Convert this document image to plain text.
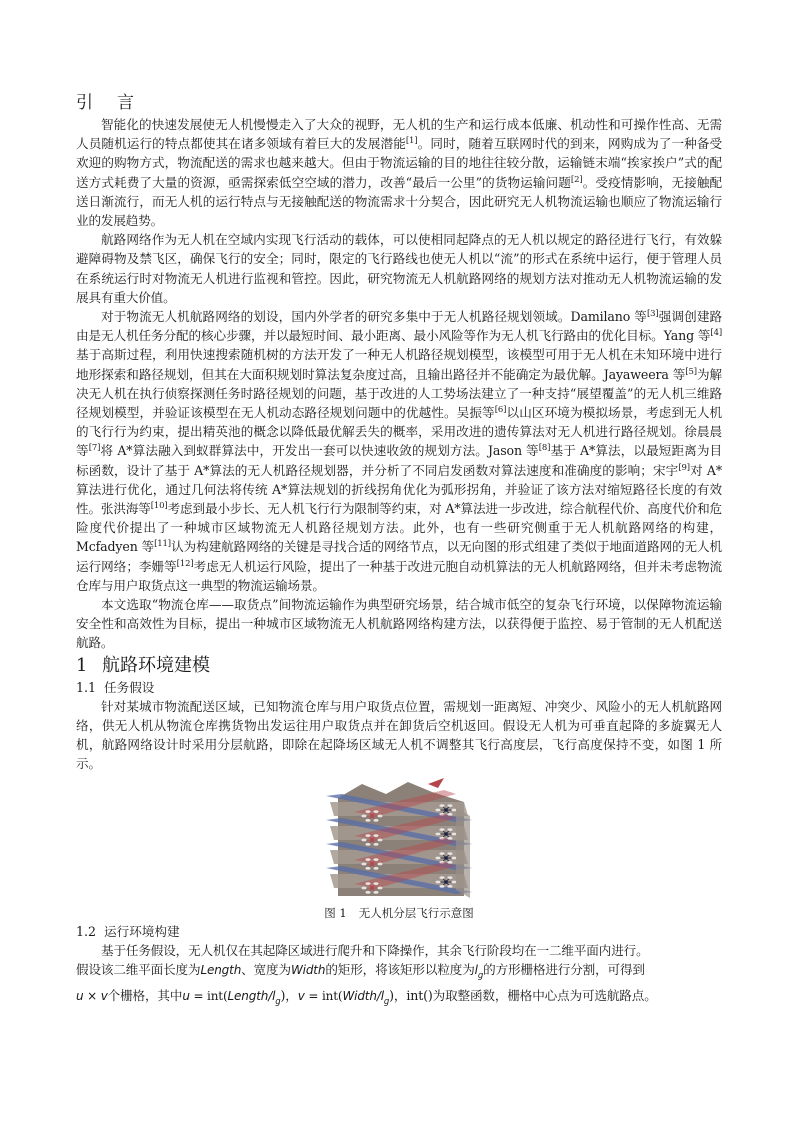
引 言

智能化的快速发展使无人机慢慢走入了大众的视野，无人机的生产和运行成本低廉、机动性和可操作性高、无需人员随机运行的特点都使其在诸多领域有着巨大的发展潜能[1]。同时，随着互联网时代的到来，网购成为了一种备受欢迎的购物方式，物流配送的需求也越来越大。但由于物流运输的目的地往往较分散，运输链末端“挨家挨户”式的配送方式耗费了大量的资源，亟需探索低空空域的潜力，改善“最后一公里”的货物运输问题[2]。受疫情影响，无接触配送日渐流行，而无人机的运行特点与无接触配送的物流需求十分契合，因此研究无人机物流运输也顺应了物流运输行业的发展趋势。

航路网络作为无人机在空域内实现飞行活动的载体，可以使相同起降点的无人机以规定的路径进行飞行，有效躲避障碍物及禁飞区，确保飞行的安全；同时，限定的飞行路线也使无人机以“流”的形式在系统中运行，便于管理人员在系统运行时对物流无人机进行监视和管控。因此，研究物流无人机航路网络的规划方法对推动无人机物流运输的发展具有重大价值。

对于物流无人机航路网络的划设，国内外学者的研究多集中于无人机路径规划领域。Damilano 等[3]强调创建路由是无人机任务分配的核心步骤，并以最短时间、最小距离、最小风险等作为无人机飞行路由的优化目标。Yang 等[4]基于高斯过程，利用快速搜索随机树的方法开发了一种无人机路径规划模型，该模型可用于无人机在未知环境中进行地形探索和路径规划，但其在大面积规划时算法复杂度过高，且输出路径并不能确定为最优解。Jayaweera 等[5]为解决无人机在执行侦察探测任务时路径规划的问题，基于改进的人工势场法建立了一种支持“展望覆盖”的无人机三维路径规划模型，并验证该模型在无人机动态路径规划问题中的优越性。吴振等[6]以山区环境为模拟场景，考虑到无人机的飞行行为约束，提出精英池的概念以降低最优解丢失的概率，采用改进的遗传算法对无人机进行路径规划。徐晨晨等[7]将 A*算法融入到蚁群算法中，开发出一套可以快速收敛的规划方法。Jason 等[8]基于 A*算法，以最短距离为目标函数，设计了基于 A*算法的无人机路径规划器，并分析了不同启发函数对算法速度和准确度的影响；宋宇[9]对 A*算法进行优化，通过几何法将传统 A*算法规划的折线拐角优化为弧形拐角，并验证了该方法对缩短路径长度的有效性。张洪海等[10]考虑到最小步长、无人机飞行行为限制等约束，对 A*算法进一步改进，综合航程代价、高度代价和危险度代价提出了一种城市区域物流无人机路径规划方法。此外，也有一些研究侧重于无人机航路网络的构建，Mcfadyen 等[11]认为构建航路网络的关键是寻找合适的网络节点，以无向图的形式组建了类似于地面道路网的无人机运行网络；李姗等[12]考虑无人机运行风险，提出了一种基于改进元胞自动机算法的无人机航路网络，但并未考虑物流仓库与用户取货点这一典型的物流运输场景。

本文选取“物流仓库——取货点”间物流运输作为典型研究场景，结合城市低空的复杂飞行环境，以保障物流运输安全性和高效性为目标，提出一种城市区域物流无人机航路网络构建方法，以获得便于监控、易于管制的无人机配送航路。

1 航路环境建模
1.1 任务假设

针对某城市物流配送区域，已知物流仓库与用户取货点位置，需规划一距离短、冲突少、风险小的无人机航路网络，供无人机从物流仓库携货物出发运往用户取货点并在卸货后空机返回。假设无人机为可垂直起降的多旋翼无人机，航路网络设计时采用分层航路，即除在起降场区域无人机不调整其飞行高度层，飞行高度保持不变，如图 1 所示。

图 1 无人机分层飞行示意图
1.2 运行环境构建

基于任务假设，无人机仅在其起降区域进行爬升和下降操作，其余飞行阶段均在一二维平面内进行。

假设该二维平面长度为Length、宽度为Width的矩形，将该矩形以粒度为$l_g$的方形栅格进行分割，可得到
u × v个栅格，其中$u = int(Length/l_g)$，$v = int(Width/l_g)$，int()为取整函数，栅格中心点为可选航路点。
